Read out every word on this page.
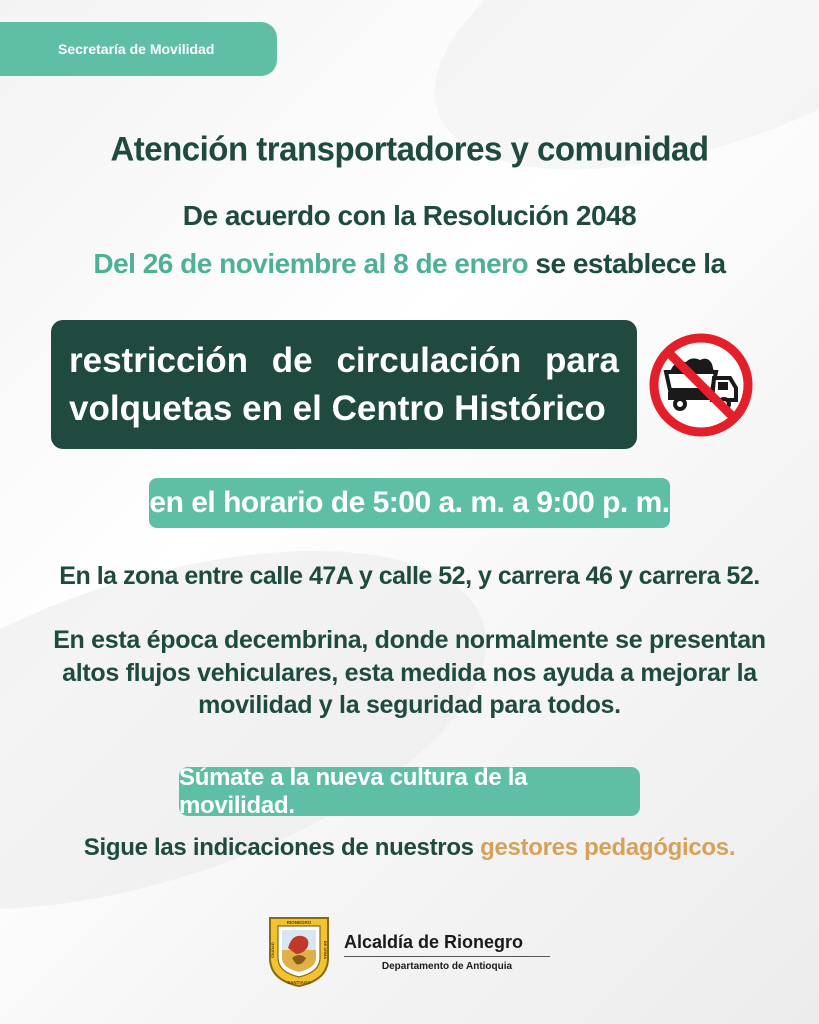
Secretaría de Movilidad
Atención transportadores y comunidad
De acuerdo con la Resolución 2048
Del 26 de noviembre al 8 de enero se establece la
restricción de circulación para
volquetas en el Centro Histórico
en el horario de 5:00 a. m. a 9:00 p. m.
En la zona entre calle 47A y calle 52, y carrera 46 y carrera 52.
En esta época decembrina, donde normalmente se presentan
altos flujos vehiculares, esta medida nos ayuda a mejorar la
movilidad y la seguridad para todos.
Súmate a la nueva cultura de la movilidad.
Sigue las indicaciones de nuestros gestores pedagógicos.
RIONEGRO
CIUDAD	DE ARMA
SANTIAGO
Alcaldía de Rionegro
Departamento de Antioquia
